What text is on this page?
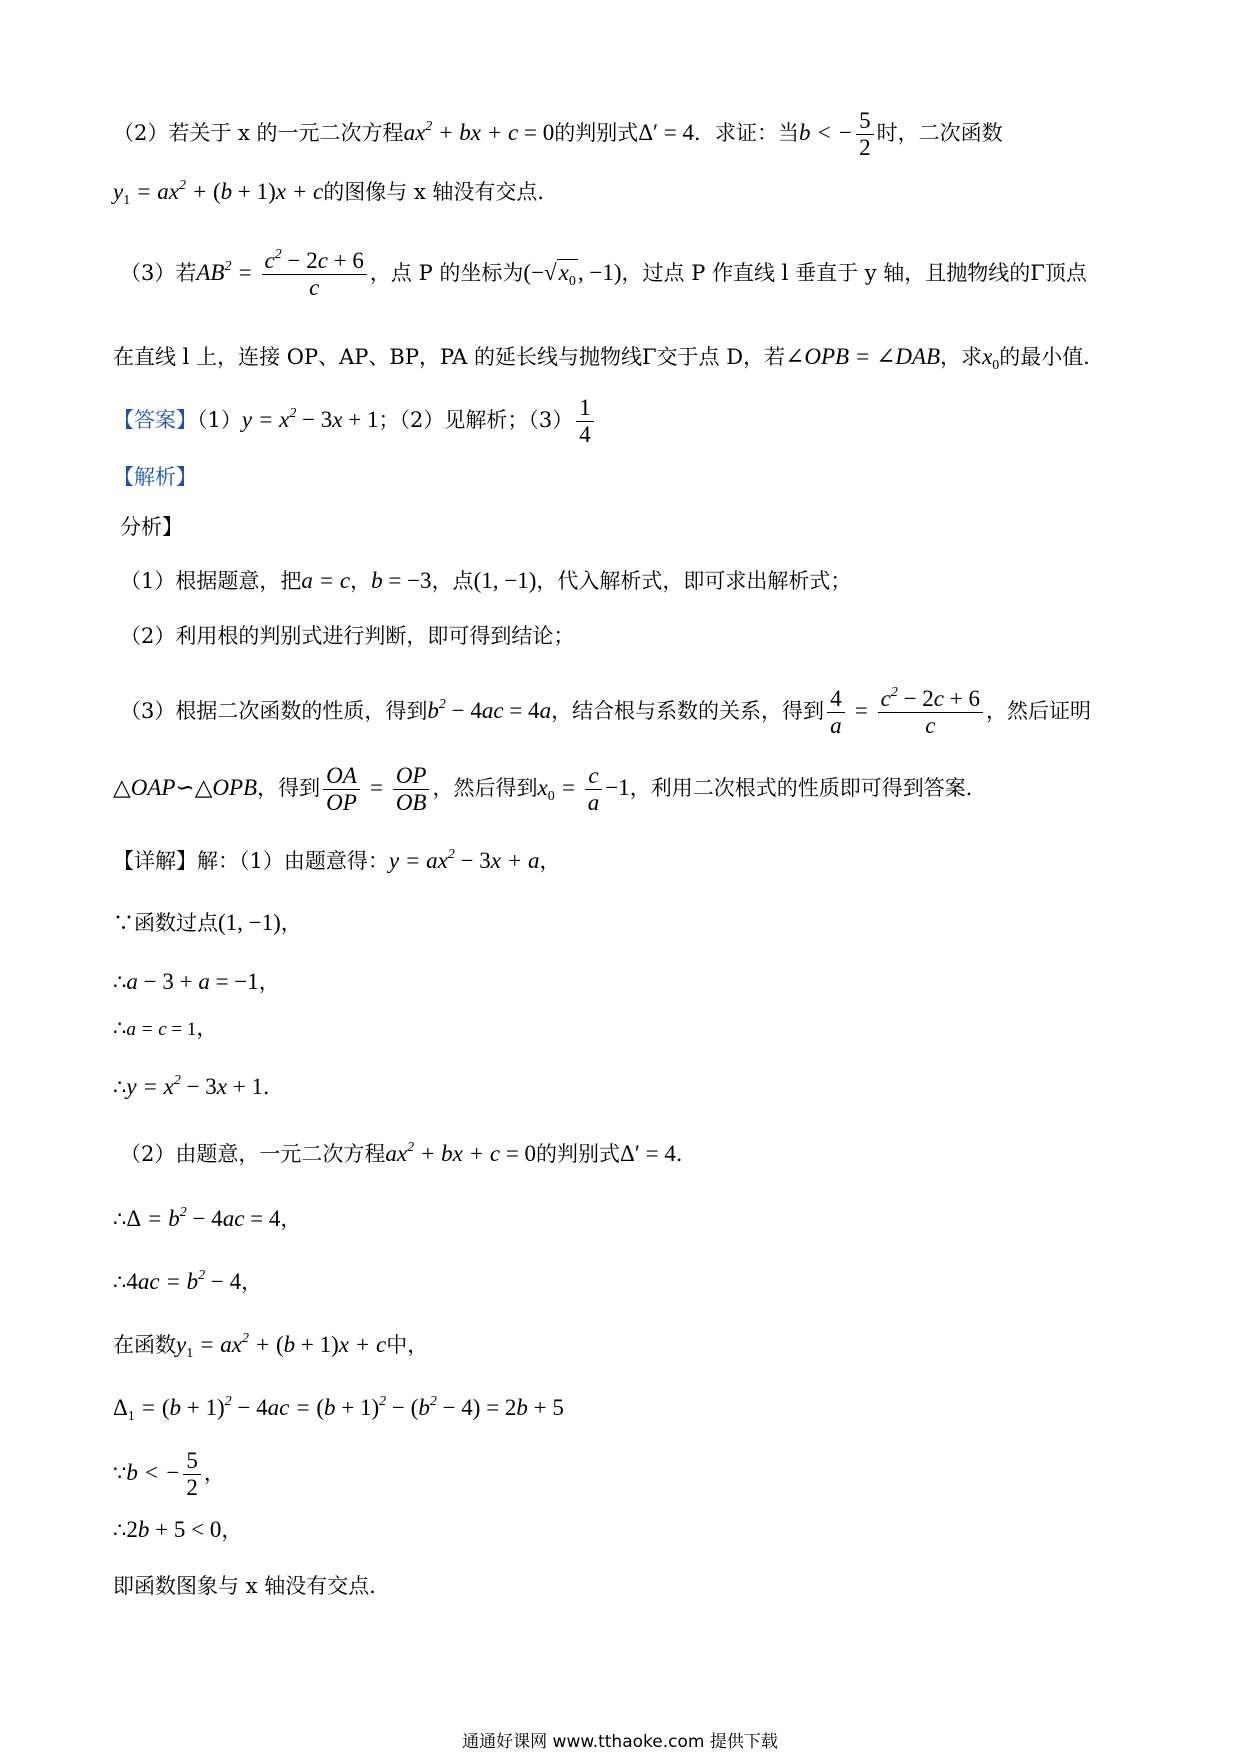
（2）若关于 x 的一元二次方程$ax^2$ + bx + c = 0的判别式Δ′ = 4．求证：当b < − $\frac{5}{2}$ 时，二次函数
$y_1 = ax^2 + (b + 1)x + c$的图像与 x 轴没有交点．
（3）若$AB^2 = \frac{c^2 - 2c + 6}{c}$ ，点 P 的坐标为($-√x_0$, −1)，过点 P 作直线 l 垂直于 y 轴，且抛物线的Γ顶点
在直线 l 上，连接 OP、AP、BP，PA 的延长线与抛物线Γ交于点 D，若∠OPB = ∠DAB，求$x_0$的最小值．
【答案】$(1)y = x^2 - 3x + 1$；（2）见解析；$(3) \frac{1}{4}$
【解析】
分析】
（1）根据题意，把a = c，b = −3，点(1, −1)，代入解析式，即可求出解析式；
（2）利用根的判别式进行判断，即可得到结论；
（3）根据二次函数的性质，得到$b^2 - 4ac = 4a$，结合根与系数的关系，得到 $\frac{4}{a} = \frac{c^2 - 2c + 6}{c}$ ，然后证明
△OAP∽△OPB，得到 $\frac{OA}{OP} = \frac{OP}{OB}$ ，然后得到$x_0 = \frac{c}{a} -1$，利用二次根式的性质即可得到答案．
【详解】解：（1）由题意得：$y = ax^2 - 3x + a$，
∵函数过点(1, −1)，
∴a − 3 + a = −1，
∴a = c = 1，
∴y = $x^2 - 3x + 1$．
（2）由题意，一元二次方程$ax^2$ + bx + c = 0的判别式Δ′ = 4．
∴Δ = $b^2 - 4ac = 4$，
∴4ac = $b^2 - 4$，
在函数$y_1 = ax^2 + (b + 1)x + c$中，
$\Delta_1 = (b + 1)^2 - 4ac = (b + 1)^2 - (b^2 - 4) = 2b + 5$
∵b < − $\frac{5}{2}$ ，
∴2b + 5 < 0，
即函数图象与 x 轴没有交点．
通通好课网 www.tthaoke.com 提供下载
